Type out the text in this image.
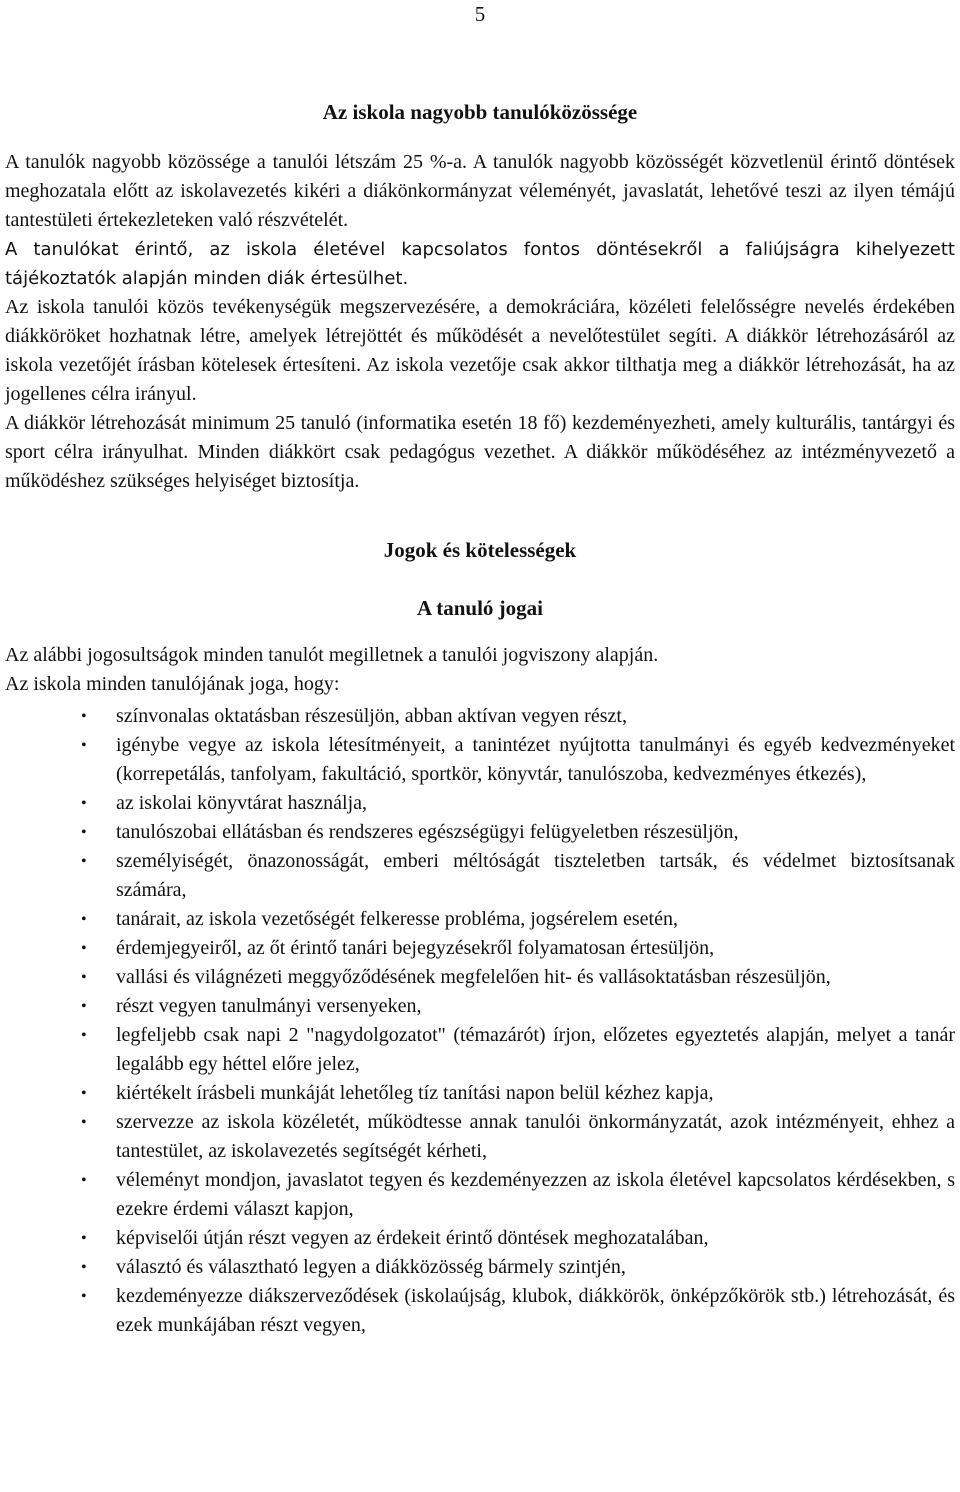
5
Az iskola nagyobb tanulóközössége

A tanulók nagyobb közössége a tanulói létszám 25 %-a. A tanulók nagyobb közösségét közvetlenül érintő döntések meghozatala előtt az iskolavezetés kikéri a diákönkormányzat véleményét, javaslatát, lehetővé teszi az ilyen témájú tantestületi értekezleteken való részvételét.

A tanulókat érintő, az iskola életével kapcsolatos fontos döntésekről a faliújságra kihelyezett tájékoztatók alapján minden diák értesülhet.

Az iskola tanulói közös tevékenységük megszervezésére, a demokráciára, közéleti felelősségre nevelés érdekében diákköröket hozhatnak létre, amelyek létrejöttét és működését a nevelőtestület segíti. A diákkör létrehozásáról az iskola vezetőjét írásban kötelesek értesíteni. Az iskola vezetője csak akkor tilthatja meg a diákkör létrehozását, ha az jogellenes célra irányul.

A diákkör létrehozását minimum 25 tanuló (informatika esetén 18 fő) kezdeményezheti, amely kulturális, tantárgyi és sport célra irányulhat. Minden diákkört csak pedagógus vezethet. A diákkör működéséhez az intézményvezető a működéshez szükséges helyiséget biztosítja.

Jogok és kötelességek
A tanuló jogai

Az alábbi jogosultságok minden tanulót megilletnek a tanulói jogviszony alapján.

Az iskola minden tanulójának joga, hogy:

• színvonalas oktatásban részesüljön, abban aktívan vegyen részt,
• igénybe vegye az iskola létesítményeit, a tanintézet nyújtotta tanulmányi és egyéb kedvezményeket (korrepetálás, tanfolyam, fakultáció, sportkör, könyvtár, tanulószoba, kedvezményes étkezés),
• az iskolai könyvtárat használja,
• tanulószobai ellátásban és rendszeres egészségügyi felügyeletben részesüljön,
• személyiségét, önazonosságát, emberi méltóságát tiszteletben tartsák, és védelmet biztosítsanak számára,
• tanárait, az iskola vezetőségét felkeresse probléma, jogsérelem esetén,
• érdemjegyeiről, az őt érintő tanári bejegyzésekről folyamatosan értesüljön,
• vallási és világnézeti meggyőződésének megfelelően hit- és vallásoktatásban részesüljön,
• részt vegyen tanulmányi versenyeken,
• legfeljebb csak napi 2 "nagydolgozatot" (témazárót) írjon, előzetes egyeztetés alapján, melyet a tanár legalább egy héttel előre jelez,
• kiértékelt írásbeli munkáját lehetőleg tíz tanítási napon belül kézhez kapja,
• szervezze az iskola közéletét, működtesse annak tanulói önkormányzatát, azok intézményeit, ehhez a tantestület, az iskolavezetés segítségét kérheti,
• véleményt mondjon, javaslatot tegyen és kezdeményezzen az iskola életével kapcsolatos kérdésekben, s ezekre érdemi választ kapjon,
• képviselői útján részt vegyen az érdekeit érintő döntések meghozatalában,
• választó és választható legyen a diákközösség bármely szintjén,
• kezdeményezze diákszerveződések (iskolaújság, klubok, diákkörök, önképzőkörök stb.) létrehozását, és ezek munkájában részt vegyen,
